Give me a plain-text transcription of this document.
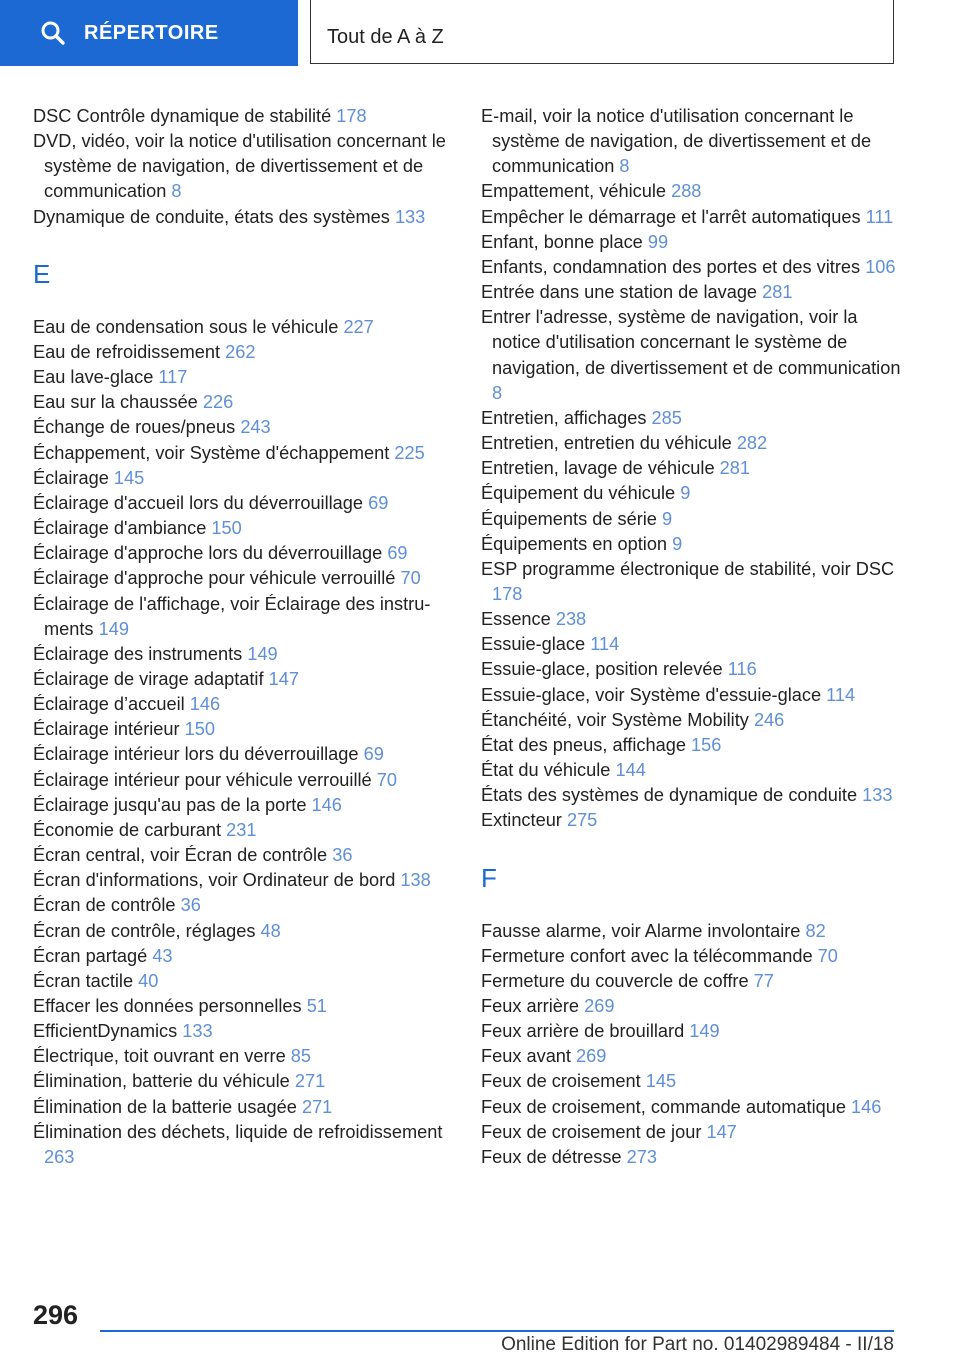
RÉPERTOIRE	Tout de A à Z
DSC Contrôle dynamique de stabilité 178
DVD, vidéo, voir la notice d'utilisation concernant le système de navigation, de divertissement et de communication 8
Dynamique de conduite, états des systèmes 133
E
Eau de condensation sous le véhicule 227
Eau de refroidissement 262
Eau lave-glace 117
Eau sur la chaussée 226
Échange de roues/pneus 243
Échappement, voir Système d'échappement 225
Éclairage 145
Éclairage d'accueil lors du déverrouillage 69
Éclairage d'ambiance 150
Éclairage d'approche lors du déverrouillage 69
Éclairage d'approche pour véhicule verrouillé 70
Éclairage de l'affichage, voir Éclairage des instruments 149
Éclairage des instruments 149
Éclairage de virage adaptatif 147
Éclairage d’accueil 146
Éclairage intérieur 150
Éclairage intérieur lors du déverrouillage 69
Éclairage intérieur pour véhicule verrouillé 70
Éclairage jusqu'au pas de la porte 146
Économie de carburant 231
Écran central, voir Écran de contrôle 36
Écran d'informations, voir Ordinateur de bord 138
Écran de contrôle 36
Écran de contrôle, réglages 48
Écran partagé 43
Écran tactile 40
Effacer les données personnelles 51
EfficientDynamics 133
Électrique, toit ouvrant en verre 85
Élimination, batterie du véhicule 271
Élimination de la batterie usagée 271
Élimination des déchets, liquide de refroidissement 263
E-mail, voir la notice d'utilisation concernant le système de navigation, de divertissement et de communication 8
Empattement, véhicule 288
Empêcher le démarrage et l'arrêt automatiques 111
Enfant, bonne place 99
Enfants, condamnation des portes et des vitres 106
Entrée dans une station de lavage 281
Entrer l'adresse, système de navigation, voir la notice d'utilisation concernant le système de navigation, de divertissement et de communication 8
Entretien, affichages 285
Entretien, entretien du véhicule 282
Entretien, lavage de véhicule 281
Équipement du véhicule 9
Équipements de série 9
Équipements en option 9
ESP programme électronique de stabilité, voir DSC 178
Essence 238
Essuie-glace 114
Essuie-glace, position relevée 116
Essuie-glace, voir Système d'essuie-glace 114
Étanchéité, voir Système Mobility 246
État des pneus, affichage 156
État du véhicule 144
États des systèmes de dynamique de conduite 133
Extincteur 275
F
Fausse alarme, voir Alarme involontaire 82
Fermeture confort avec la télécommande 70
Fermeture du couvercle de coffre 77
Feux arrière 269
Feux arrière de brouillard 149
Feux avant 269
Feux de croisement 145
Feux de croisement, commande automatique 146
Feux de croisement de jour 147
Feux de détresse 273
296
Online Edition for Part no. 01402989484 - II/18
